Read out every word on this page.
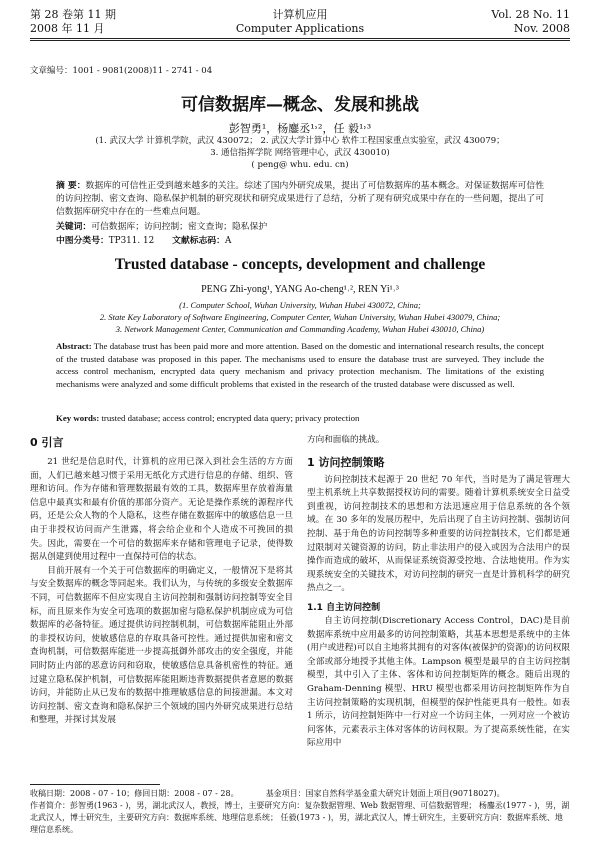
第 28 卷第 11 期
2008 年 11 月
计算机应用
Computer Applications
Vol. 28 No. 11
Nov. 2008
文章编号：1001 - 9081(2008)11 - 2741 - 04
可信数据库—概念、发展和挑战
彭智勇¹，杨鏖丞¹˒²，任 毅¹˒³
(1. 武汉大学 计算机学院，武汉 430072； 2. 武汉大学计算中心 软件工程国家重点实验室，武汉 430079；
3. 通信指挥学院 网络管理中心，武汉 430010)
( peng@ whu. edu. cn)
摘 要：数据库的可信性正受到越来越多的关注。综述了国内外研究成果，提出了可信数据库的基本概念。对保证数据库可信性的访问控制、密文查询、隐私保护机制的研究现状和研究成果进行了总结，分析了现有研究成果中存在的一些问题，提出了可信数据库研究中存在的一些难点问题。
关键词：可信数据库；访问控制；密文查询；隐私保护
中图分类号：TP311. 12 文献标志码：A
Trusted database - concepts, development and challenge
PENG Zhi-yong¹, YANG Ao-cheng¹˒², REN Yi¹˒³
(1. Computer School, Wuhan University, Wuhan Hubei 430072, China;
2. State Key Laboratory of Software Engineering, Computer Center, Wuhan University, Wuhan Hubei 430079, China;
3. Network Management Center, Communication and Commanding Academy, Wuhan Hubei 430010, China)
Abstract: The database trust has been paid more and more attention. Based on the domestic and international research results, the concept of the trusted database was proposed in this paper. The mechanisms used to ensure the database trust are surveyed. They include the access control mechanism, encrypted data query mechanism and privacy protection mechanism. The limitations of the existing mechanisms were analyzed and some difficult problems that existed in the research of the trusted database were discussed as well.
Key words: trusted database; access control; encrypted data query; privacy protection
0 引言
21 世纪是信息时代，计算机的应用已深入到社会生活的方方面面，人们已越来越习惯于采用无纸化方式进行信息的存储、组织、管理和访问。作为存储和管理数据最有效的工具，数据库里存放着海量信息中最真实和最有价值的那部分资产。无论是操作系统的源程序代码，还是公众人物的个人隐私，这些存储在数据库中的敏感信息一旦由于非授权访问而产生泄露，将会给企业和个人造成不可挽回的损失。因此，需要在一个可信的数据库来存储和管理电子记录，使得数据从创建到使用过程中一直保持可信的状态。
目前开展有一个关于可信数据库的明确定义，一般情况下是将其与安全数据库的概念等同起来。我们认为，与传统的多级安全数据库不同，可信数据库不但应实现自主访问控制和强制访问控制等安全目标，而且原来作为安全可选项的数据加密与隐私保护机制应成为可信数据库的必备特征。通过提供访问控制机制，可信数据库能阻止外部的非授权访问，使敏感信息的存取具备可控性。通过提供加密和密文查询机制，可信数据库能进一步提高抵御外部攻击的安全强度，并能同时防止内部的恶意访问和窃取，使敏感信息具备机密性的特征。通过建立隐私保护机制，可信数据库能阻断违背数据提供者意愿的数据访问，并能防止从已发布的数据中推理敏感信息的间接泄漏。本文对访问控制、密文查询和隐私保护三个领域的国内外研究成果进行总结和整理，并探讨其发展
方向和面临的挑战。
1 访问控制策略
访问控制技术起源于 20 世纪 70 年代，当时是为了满足管理大型主机系统上共享数据授权访问的需要。随着计算机系统安全日益受到重视，访问控制技术的思想和方法迅速应用于信息系统的各个领域。在 30 多年的发展历程中，先后出现了自主访问控制、强制访问控制、基于角色的访问控制等多种重要的访问控制技术，它们都是通过限制对关键资源的访问，防止非法用户的侵入或因为合法用户的误操作而造成的破坏，从而保证系统资源受控地、合法地使用。作为实现系统安全的关键技术，对访问控制的研究一直是计算机科学的研究热点之一。
1.1 自主访问控制
自主访问控制(Discretionary Access Control，DAC)是目前数据库系统中应用最多的访问控制策略，其基本思想是系统中的主体(用户或进程)可以自主地将其拥有的对客体(被保护的资源)的访问权限全部或部分地授予其他主体。Lampson 模型是最早的自主访问控制模型，其中引入了主体、客体和访问控制矩阵的概念。随后出现的 Graham-Denning 模型、HRU 模型也都采用访问控制矩阵作为自主访问控制策略的实现机制，但模型的保护性能更具有一般性。如表 1 所示，访问控制矩阵中一行对应一个访问主体，一列对应一个被访问客体，元素表示主体对客体的访问权限。为了提高系统性能，在实际应用中
收稿日期：2008 - 07 - 10；修回日期：2008 - 07 - 28。	基金项目：国家自然科学基金重大研究计划面上项目(90718027)。
作者简介：彭智勇(1963 - )，男，湖北武汉人，教授，博士，主要研究方向：复杂数据管理、Web 数据管理、可信数据管理； 杨鏖丞(1977 - )，男，湖北武汉人，博士研究生，主要研究方向：数据库系统、地理信息系统； 任毅(1973 - )，男，湖北武汉人，博士研究生，主要研究方向：数据库系统、地理信息系统。
